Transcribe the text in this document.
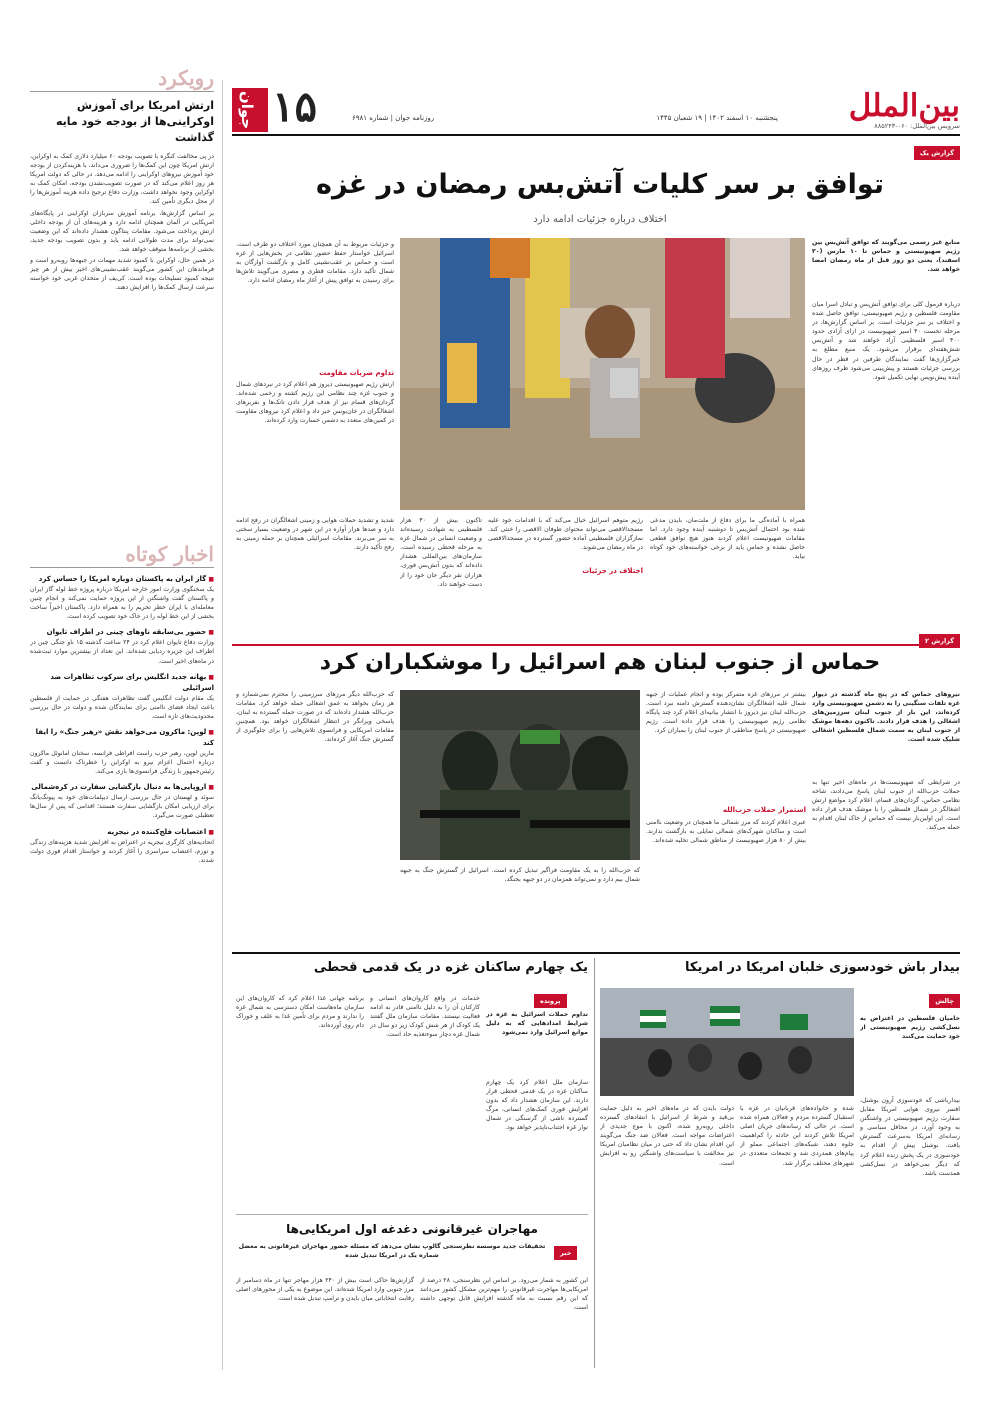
جوان ۱۵	روزنامه جوان | شماره ۶۹۸۱	پنجشنبه ۱۰ اسفند ۱۴۰۲ | ۱۹ شعبان ۱۴۴۵	بین‌الملل
سرویس بین‌الملل: ۰۶۰-۸۸۵۲۴۳
رویکرد
ارتش امریکا برای آموزش اوکراینی‌ها از بودجه خود مایه گذاشت

در پی مخالفت کنگره با تصویب بودجه ۶۰ میلیارد دلاری کمک به اوکراین، ارتش امریکا چون این کمک‌ها را ضروری می‌داند، با هزینه‌کردن از بودجه خود آموزش نیروهای اوکراینی را ادامه می‌دهد. در حالی که دولت امریکا هر روز اعلام می‌کند که در صورت تصویب‌نشدن بودجه، امکان کمک به اوکراین وجود نخواهد داشت، وزارت دفاع ترجیح داده هزینه آموزش‌ها را از محل دیگری تأمین کند.

بر اساس گزارش‌ها، برنامه آموزش سربازان اوکراینی در پایگاه‌های امریکایی در آلمان همچنان ادامه دارد و هزینه‌های آن از بودجه داخلی ارتش پرداخت می‌شود. مقامات پنتاگون هشدار داده‌اند که این وضعیت نمی‌تواند برای مدت طولانی ادامه یابد و بدون تصویب بودجه جدید، بخشی از برنامه‌ها متوقف خواهد شد.

در همین حال، اوکراین با کمبود شدید مهمات در جبهه‌ها روبه‌رو است و فرماندهان این کشور می‌گویند عقب‌نشینی‌های اخیر بیش از هر چیز نتیجه کمبود تسلیحات بوده است. کی‌یف از متحدان غربی خود خواسته سرعت ارسال کمک‌ها را افزایش دهند.

اخبار کوتاه
■ گاز ایران به پاکستان دوباره امریکا را حساس کرد
یک سخنگوی وزارت امور خارجه امریکا درباره پروژه خط لوله گاز ایران و پاکستان گفت واشنگتن از این پروژه حمایت نمی‌کند و انجام چنین معامله‌ای با ایران خطر تحریم را به همراه دارد. پاکستان اخیراً ساخت بخشی از این خط لوله را در خاک خود تصویب کرده است.
■ حضور بی‌سابقه ناوهای چینی در اطراف تایوان
وزارت دفاع تایوان اعلام کرد در ۲۴ ساعت گذشته ۱۵ ناو جنگی چین در اطراف این جزیره ردیابی شده‌اند. این تعداد از بیشترین موارد ثبت‌شده در ماه‌های اخیر است.
■ بهانه جدید انگلیس برای سرکوب تظاهرات ضد اسرائیلی
یک مقام دولت انگلیس گفت تظاهرات هفتگی در حمایت از فلسطین باعث ایجاد فضای ناامنی برای نمایندگان شده و دولت در حال بررسی محدودیت‌های تازه است.
■ لوپن: ماکرون می‌خواهد نقش «رهبر جنگ» را ایفا کند
مارین لوپن، رهبر حزب راست افراطی فرانسه، سخنان امانوئل ماکرون درباره احتمال اعزام نیرو به اوکراین را خطرناک دانست و گفت رئیس‌جمهور با زندگی فرانسوی‌ها بازی می‌کند.
■ اروپایی‌ها به دنبال بازگشایی سفارت در کره‌شمالی
سوئد و لهستان در حال بررسی ارسال دیپلمات‌های خود به پیونگ‌یانگ برای ارزیابی امکان بازگشایی سفارت هستند؛ اقدامی که پس از سال‌ها تعطیلی صورت می‌گیرد.
■ اعتصابات فلج‌کننده در نیجریه
اتحادیه‌های کارگری نیجریه در اعتراض به افزایش شدید هزینه‌های زندگی و تورم، اعتصاب سراسری را آغاز کردند و خواستار اقدام فوری دولت شدند.
گزارش یک
توافق بر سر کلیات آتش‌بس رمضان در غزه
اختلاف درباره جزئیات ادامه دارد
منابع غیر رسمی می‌گویند که توافق آتش‌بس بین رژیم صهیونیستی و حماس تا ۱۰ مارس (۲۰ اسفند)، یعنی دو روز قبل از ماه رمضان امضا خواهد شد.
درباره فرمول کلی برای توافق آتش‌بس و تبادل اسرا میان مقاومت فلسطین و رژیم صهیونیستی، توافق حاصل شده و اختلاف بر سر جزئیات است. بر اساس گزارش‌ها، در مرحله نخست ۴۰ اسیر صهیونیست در ازای آزادی حدود ۴۰۰ اسیر فلسطینی آزاد خواهند شد و آتش‌بس شش‌هفته‌ای برقرار می‌شود. یک منبع مطلع به خبرگزاری‌ها گفت نمایندگان طرفین در قطر در حال بررسی جزئیات هستند و پیش‌بینی می‌شود ظرف روزهای آینده پیش‌نویس نهایی تکمیل شود.
و جزئیات مربوط به آن همچنان مورد اختلاف دو طرف است. اسرائیل خواستار حفظ حضور نظامی در بخش‌هایی از غزه است و حماس بر عقب‌نشینی کامل و بازگشت آوارگان به شمال تأکید دارد. مقامات قطری و مصری می‌گویند تلاش‌ها برای رسیدن به توافق پیش از آغاز ماه رمضان ادامه دارد.
تداوم ضربات مقاومت
ارتش رژیم صهیونیستی دیروز هم اعلام کرد در نبردهای شمال و جنوب غزه چند نظامی این رژیم کشته و زخمی شده‌اند. گردان‌های قسام نیز از هدف قرار دادن تانک‌ها و نفربرهای اشغالگران در خان‌یونس خبر داد و اعلام کرد نیروهای مقاومت در کمین‌های متعدد به دشمن خسارت وارد کرده‌اند.
همراه با آماده‌گی ما برای دفاع از ملت‌مان، بایدن مدعی شده بود احتمال آتش‌بس تا دوشنبه آینده وجود دارد. اما مقامات صهیونیست اعلام کردند هنوز هیچ توافق قطعی حاصل نشده و حماس باید از برخی خواسته‌های خود کوتاه بیاید.
رژیم متوهم اسرائیل خیال می‌کند که با اقدامات خود علیه مسجدالاقصی می‌تواند محتوای طوفان الاقصی را خنثی کند. نمازگزاران فلسطینی آماده حضور گسترده در مسجدالاقصی در ماه رمضان می‌شوند.
اختلاف در جزئیات
تاکنون بیش از ۳۰ هزار فلسطینی به شهادت رسیده‌اند و وضعیت انسانی در شمال غزه به مرحله قحطی رسیده است. سازمان‌های بین‌المللی هشدار داده‌اند که بدون آتش‌بس فوری، هزاران نفر دیگر جان خود را از دست خواهند داد.
شدید و تشدید حملات هوایی و زمینی اشغالگران در رفح ادامه دارد و صدها هزار آواره در این شهر در وضعیت بسیار سختی به سر می‌برند. مقامات اسرائیلی همچنان بر حمله زمینی به رفح تأکید دارند.
گزارش ۲
حماس از جنوب لبنان هم اسرائیل را موشکباران کرد
نیروهای حماس که در پنج ماه گذشته در دیوار غزه تلفات سنگینی را به دشمن صهیونیستی وارد کرده‌اند، این بار از جنوب لبنان سرزمین‌های اشغالی را هدف قرار دادند. تاکنون دهه‌ها موشک از جنوب لبنان به سمت شمال فلسطین اشغالی شلیک شده است.
در شرایطی که صهیونیست‌ها در ماه‌های اخیر تنها به حملات حزب‌الله از جنوب لبنان پاسخ می‌دادند، شاخه نظامی حماس، گردان‌های قسام، اعلام کرد مواضع ارتش اشغالگر در شمال فلسطین را با موشک هدف قرار داده است. این اولین‌بار نیست که حماس از خاک لبنان اقدام به حمله می‌کند.
بیشتر در مرزهای غزه متمرکز بوده و انجام عملیات از جبهه شمال علیه اشغالگران نشان‌دهنده گسترش دامنه نبرد است. حزب‌الله لبنان نیز دیروز با انتشار بیانیه‌ای اعلام کرد چند پایگاه نظامی رژیم صهیونیستی را هدف قرار داده است. رژیم صهیونیستی در پاسخ مناطقی از جنوب لبنان را بمباران کرد.
استمرار حملات حزب‌الله
عبری اعلام کردند که مرز شمالی ما همچنان در وضعیت ناامنی است و ساکنان شهرک‌های شمالی تمایلی به بازگشت ندارند. بیش از ۸۰ هزار صهیونیست از مناطق شمالی تخلیه شده‌اند.
که حزب‌الله دیگر مرزهای سرزمینی را محترم نمی‌شمارد و هر زمان بخواهد به عمق اشغالی حمله خواهد کرد. مقامات حزب‌الله هشدار داده‌اند که در صورت حمله گسترده به لبنان، پاسخی ویرانگر در انتظار اشغالگران خواهد بود. همچنین مقامات امریکایی و فرانسوی تلاش‌هایی را برای جلوگیری از گسترش جنگ آغاز کرده‌اند.
که حزب‌الله را به یک مقاومت فراگیر تبدیل کرده است. اسرائیل از گسترش جنگ به جبهه شمال بیم دارد و نمی‌تواند همزمان در دو جبهه بجنگد.
بیدار باش خودسوزی خلبان امریکا در امریکا
چالش
حامیان فلسطین در اعتراض به نسل‌کشی رژیم صهیونیستی از خود حمایت می‌کنند
بیدارباشی که خودسوزی آرون بوشنل، افسر نیروی هوایی امریکا مقابل سفارت رژیم صهیونیستی در واشنگتن به وجود آورد، در محافل سیاسی و رسانه‌ای امریکا به‌سرعت گسترش یافت. بوشنل پیش از اقدام به خودسوزی در یک پخش زنده اعلام کرد که دیگر نمی‌خواهد در نسل‌کشی همدست باشد.
شده و خانواده‌های قربانیان در غزه با استقبال گسترده مردم و فعالان همراه شده است. در حالی که رسانه‌های جریان اصلی امریکا تلاش کردند این حادثه را کم‌اهمیت جلوه دهند، شبکه‌های اجتماعی مملو از پیام‌های همدردی شد و تجمعات متعددی در شهرهای مختلف برگزار شد.
دولت بایدن که در ماه‌های اخیر به دلیل حمایت بی‌قید و شرط از اسرائیل با انتقادهای گسترده داخلی روبه‌رو شده، اکنون با موج جدیدی از اعتراضات مواجه است. فعالان ضد جنگ می‌گویند این اقدام نشان داد که حتی در میان نظامیان امریکا نیز مخالفت با سیاست‌های واشنگتن رو به افزایش است.
یک چهارم ساکنان غزه در یک قدمی قحطی
پرونده
تداوم حملات اسرائیل به غزه در شرایط امدادهایی که به دلیل موانع اسرائیل وارد نمی‌شود
سازمان ملل اعلام کرد یک چهارم ساکنان غزه در یک قدمی قحطی قرار دارند. این سازمان هشدار داد که بدون افزایش فوری کمک‌های انسانی، مرگ گسترده ناشی از گرسنگی در شمال نوار غزه اجتناب‌ناپذیر خواهد بود.
خدمات در واقع کاروان‌های انسانی و کارکنان آن را به دلیل ناامنی قادر به ادامه فعالیت نیستند. مقامات سازمان ملل گفتند یک کودک از هر شش کودک زیر دو سال در شمال غزه دچار سوءتغذیه حاد است.
برنامه جهانی غذا اعلام کرد که کاروان‌های این سازمان ماه‌هاست امکان دسترسی به شمال غزه را ندارند و مردم برای تأمین غذا به علف و خوراک دام روی آورده‌اند.
مهاجران غیرقانونی دغدغه اول امریکایی‌ها
خبر
تحقیقات جدید موسسه نظرسنجی گالوپ نشان می‌دهد که مسئله حضور مهاجران غیرقانونی به معضل شماره یک در امریکا تبدیل شده
این کشور به شمار می‌رود. بر اساس این نظرسنجی، ۲۸ درصد از امریکایی‌ها مهاجرت غیرقانونی را مهم‌ترین مشکل کشور می‌دانند که این رقم نسبت به ماه گذشته افزایش قابل توجهی داشته است.
گزارش‌ها حاکی است بیش از ۲۴۰ هزار مهاجر تنها در ماه دسامبر از مرز جنوبی وارد امریکا شده‌اند. این موضوع به یکی از محورهای اصلی رقابت انتخاباتی میان بایدن و ترامپ تبدیل شده است.
